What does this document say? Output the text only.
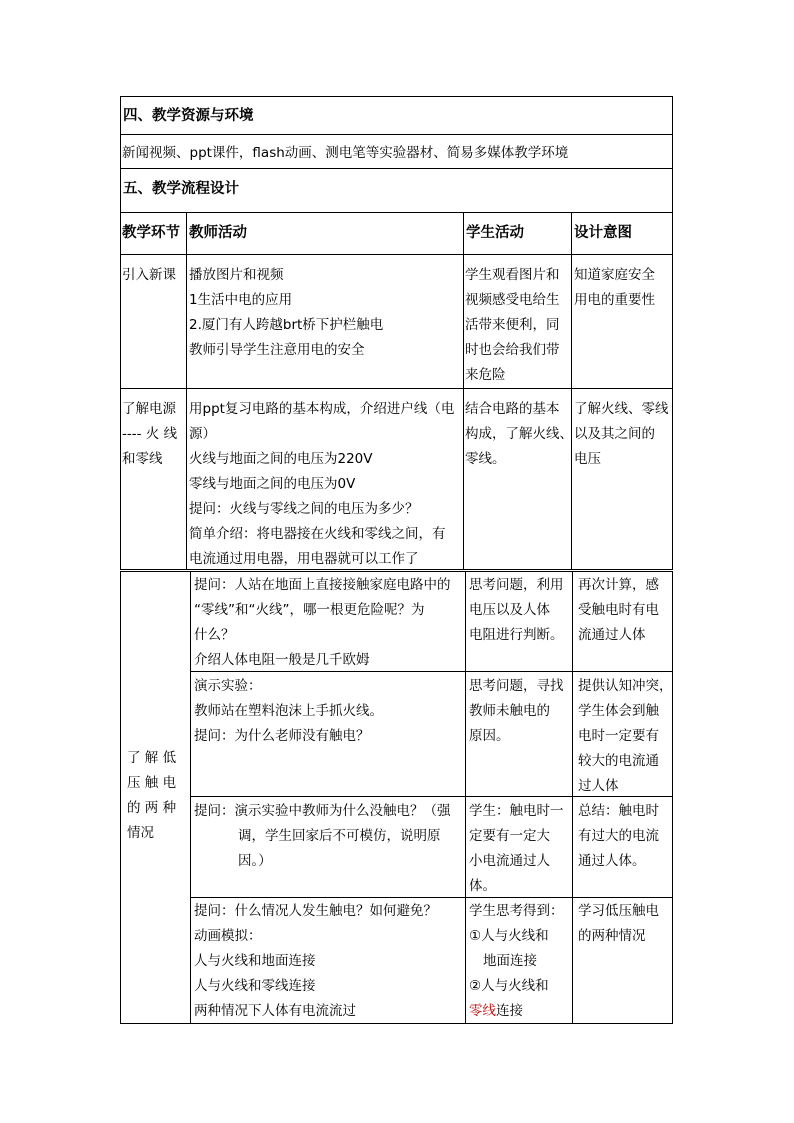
四、教学资源与环境
新闻视频、ppt课件，flash动画、测电笔等实验器材、简易多媒体教学环境
五、教学流程设计
教学环节 教师活动	学生活动	设计意图
引入新课 播放图片和视频
1生活中电的应用
2.厦门有人跨越brt桥下护栏触电
教师引导学生注意用电的安全
学生观看图片和
视频感受电给生
活带来便利，同
时也会给我们带
来危险
知道家庭安全
用电的重要性
了解电源
---- 火 线
和零线
用ppt复习电路的基本构成，介绍进户线（电
源）
火线与地面之间的电压为220V
零线与地面之间的电压为0V
提问：火线与零线之间的电压为多少？
简单介绍：将电器接在火线和零线之间，有
电流通过用电器，用电器就可以工作了
结合电路的基本
构成，了解火线、
零线。
了解火线、零线
以及其之间的
电压
了 解 低
压 触 电
的 两 种
情况
提问：人站在地面上直接接触家庭电路中的
“零线”和“火线”，哪一根更危险呢？为
什么？
介绍人体电阻一般是几千欧姆
思考问题，利用
电压以及人体
电阻进行判断。
再次计算，感
受触电时有电
流通过人体
演示实验：
教师站在塑料泡沫上手抓火线。
提问：为什么老师没有触电？
思考问题，寻找
教师未触电的
原因。
提供认知冲突，
学生体会到触
电时一定要有
较大的电流通
过人体
提问：演示实验中教师为什么没触电？（强
调，学生回家后不可模仿，说明原
因。）
学生：触电时一
定要有一定大
小电流通过人
体。
总结：触电时
有过大的电流
通过人体。
提问：什么情况人发生触电？如何避免？
动画模拟：
人与火线和地面连接
人与火线和零线连接
两种情况下人体有电流流过
学生思考得到：
①人与火线和
地面连接
②人与火线和
零线连接
学习低压触电
的两种情况
